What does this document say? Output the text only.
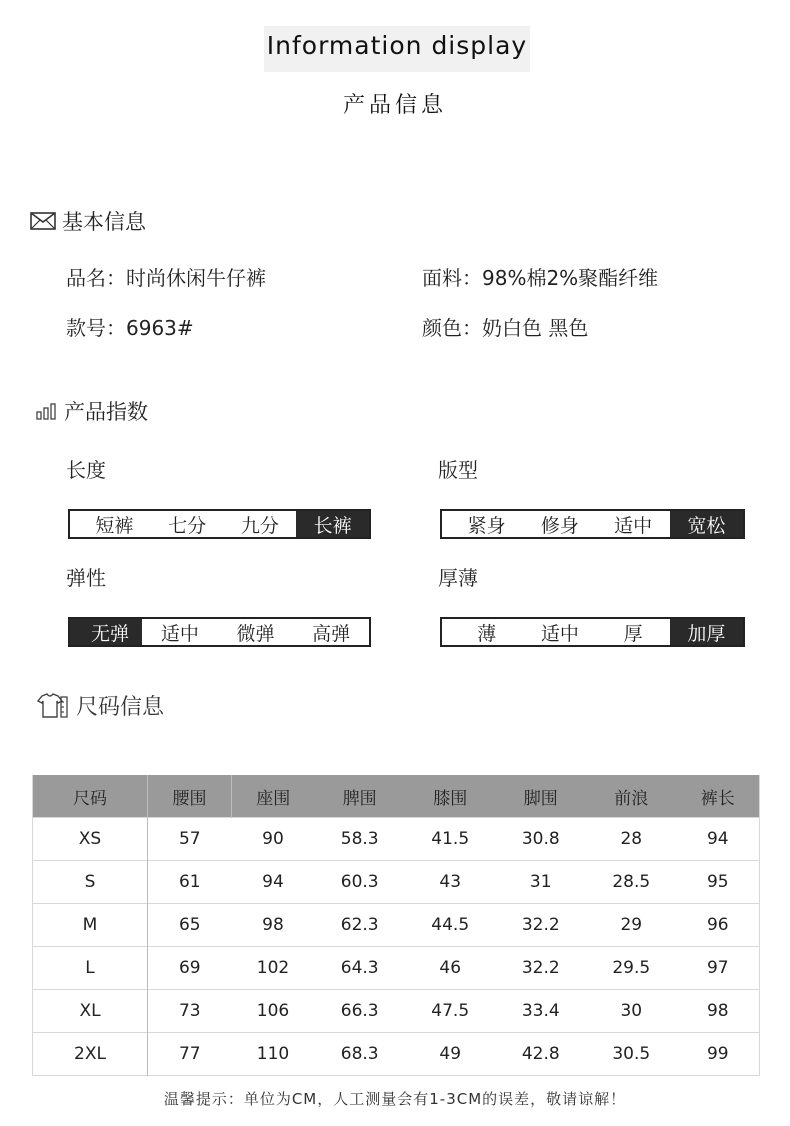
Information display
产品信息
基本信息
品名：时尚休闲牛仔裤	面料：98%棉2%聚酯纤维
款号：6963#	颜色：奶白色 黑色
产品指数
长度
短裤	七分	九分	长裤
版型
紧身	修身	适中	宽松
弹性
无弹	适中	微弹	高弹
厚薄
薄	适中	厚	加厚
尺码信息
尺码	腰围	座围	脾围	膝围	脚围	前浪	裤长
XS	57	90	58.3	41.5	30.8	28	94
S	61	94	60.3	43	31	28.5	95
M	65	98	62.3	44.5	32.2	29	96
L	69	102	64.3	46	32.2	29.5	97
XL	73	106	66.3	47.5	33.4	30	98
2XL	77	110	68.3	49	42.8	30.5	99
温馨提示：单位为CM，人工测量会有1-3CM的误差，敬请谅解！
